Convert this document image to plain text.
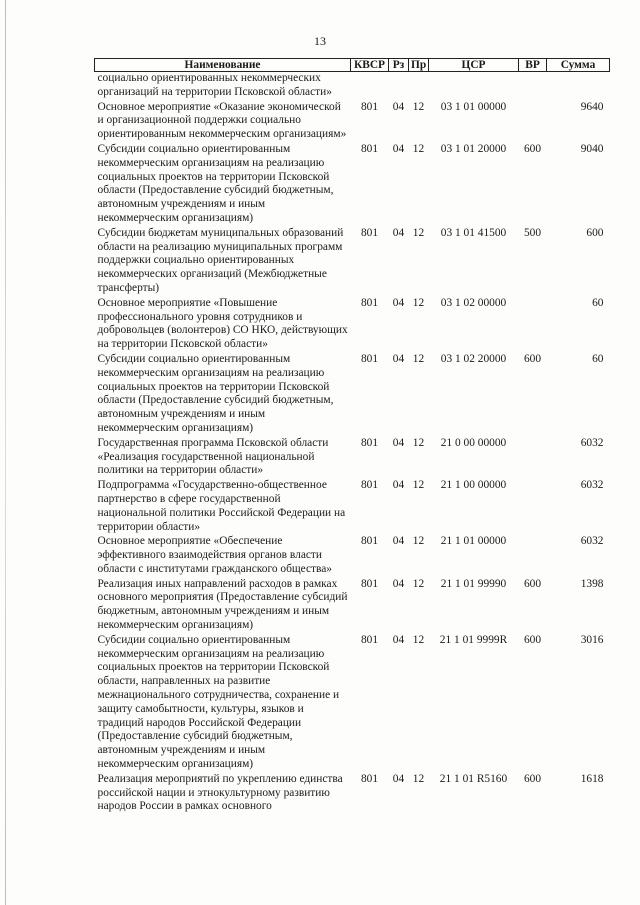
13
Наименование	КВСР	Рз	Пр	ЦСР	ВР	Сумма
социально ориентированных некоммерческих организаций на территории Псковской области»						
Основное мероприятие «Оказание экономической и организационной поддержки социально ориентированным некоммерческим организациям»	801	04	12	03 1 01 00000		9640
Субсидии социально ориентированным некоммерческим организациям на реализацию социальных проектов на территории Псковской области (Предоставление субсидий бюджетным, автономным учреждениям и иным некоммерческим организациям)	801	04	12	03 1 01 20000	600	9040
Субсидии бюджетам муниципальных образований области на реализацию муниципальных программ поддержки социально ориентированных некоммерческих организаций (Межбюджетные трансферты)	801	04	12	03 1 01 41500	500	600
Основное мероприятие «Повышение профессионального уровня сотрудников и добровольцев (волонтеров) СО НКО, действующих на территории Псковской области»	801	04	12	03 1 02 00000		60
Субсидии социально ориентированным некоммерческим организациям на реализацию социальных проектов на территории Псковской области (Предоставление субсидий бюджетным, автономным учреждениям и иным некоммерческим организациям)	801	04	12	03 1 02 20000	600	60
Государственная программа Псковской области «Реализация государственной национальной политики на территории области»	801	04	12	21 0 00 00000		6032
Подпрограмма «Государственно-общественное партнерство в сфере государственной национальной политики Российской Федерации на территории области»	801	04	12	21 1 00 00000		6032
Основное мероприятие «Обеспечение эффективного взаимодействия органов власти области с институтами гражданского общества»	801	04	12	21 1 01 00000		6032
Реализация иных направлений расходов в рамках основного мероприятия (Предоставление субсидий бюджетным, автономным учреждениям и иным некоммерческим организациям)	801	04	12	21 1 01 99990	600	1398
Субсидии социально ориентированным некоммерческим организациям на реализацию социальных проектов на территории Псковской области, направленных на развитие межнационального сотрудничества, сохранение и защиту самобытности, культуры, языков и традиций народов Российской Федерации (Предоставление субсидий бюджетным, автономным учреждениям и иным некоммерческим организациям)	801	04	12	21 1 01 9999R	600	3016
Реализация мероприятий по укреплению единства российской нации и этнокультурному развитию народов России в рамках основного	801	04	12	21 1 01 R5160	600	1618
